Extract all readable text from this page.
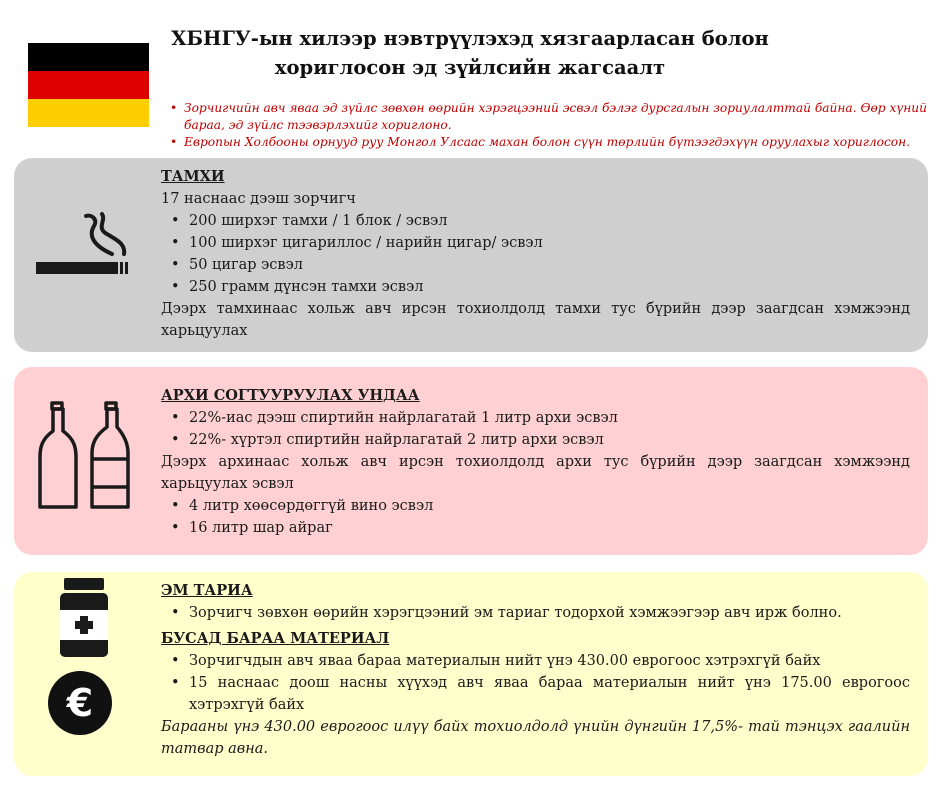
ХБНГУ-ын хилээр нэвтрүүлэхэд хязгаарласан болон
хориглосон эд зүйлсийн жагсаалт
• Зорчигчийн авч яваа эд зүйлс зөвхөн өөрийн хэрэгцээний эсвэл бэлэг дурсгалын зориулалттай байна. Өөр хүний бараа, эд зүйлс тээвэрлэхийг хориглоно.
• Европын Холбооны орнууд руу Монгол Улсаас махан болон сүүн төрлийн бүтээгдэхүүн оруулахыг хориглосон.
ТАМХИ
17 наснаас дээш зорчигч
• 200 ширхэг тамхи / 1 блок / эсвэл
• 100 ширхэг цигариллос / нарийн цигар/ эсвэл
• 50 цигар эсвэл
• 250 грамм дүнсэн тамхи эсвэл
Дээрх тамхинаас хольж авч ирсэн тохиолдолд тамхи тус бүрийн дээр заагдсан хэмжээнд харьцуулах
АРХИ СОГТУУРУУЛАХ УНДАА
• 22%-иас дээш спиртийн найрлагатай 1 литр архи эсвэл
• 22%- хүртэл спиртийн найрлагатай 2 литр архи эсвэл
Дээрх архинаас хольж авч ирсэн тохиолдолд архи тус бүрийн дээр заагдсан хэмжээнд харьцуулах эсвэл
• 4 литр хөөсөрдөггүй вино эсвэл
• 16 литр шар айраг
€
ЭМ ТАРИА
• Зорчигч зөвхөн өөрийн хэрэгцээний эм тариаг тодорхой хэмжээгээр авч ирж болно.
БУСАД БАРАА МАТЕРИАЛ
• Зорчигчдын авч яваа бараа материалын нийт үнэ 430.00 еврогоос хэтрэхгүй байх
• 15 наснаас доош насны хүүхэд авч яваа бараа материалын нийт үнэ 175.00 еврогоос хэтрэхгүй байх
Барааны үнэ 430.00 еврогоос илүү байх тохиолдолд үнийн дүнгийн 17,5%- тай тэнцэх гаалийн татвар авна.
